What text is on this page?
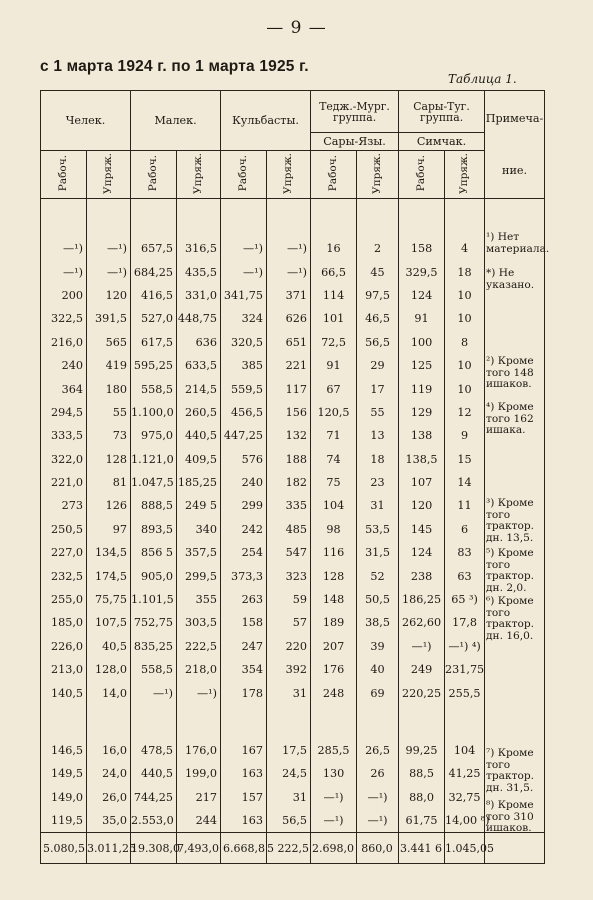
— 9 —
с 1 марта 1924 г. по 1 марта 1925 г.
Таблица 1.
Челек.		Малек.		Кульбасты.		Тедж.-Мург. группа.		Сары-Туг. группа.		Примеча-

ние.
						Сары-Язы.		Симчак.		
Рабоч.	Упряж.	Рабоч.	Упряж.	Рабоч.	Упряж.	Рабоч.	Упряж.	Рабоч.	Упряж.	

—¹)	—¹)	657,5	316,5	—¹)	—¹)	16	2	158	4	
—¹)	—¹)	684,25	435,5	—¹)	—¹)	66,5	45	329,5	18	
200	120	416,5	331,0	341,75	371	114	97,5	124	10	
322,5	391,5	527,0	448,75	324	626	101	46,5	91	10	
216,0	565	617,5	636	320,5	651	72,5	56,5	100	8	
240	419	595,25	633,5	385	221	91	29	125	10	
364	180	558,5	214,5	559,5	117	67	17	119	10	
294,5	55	1.100,0	260,5	456,5	156	120,5	55	129	12	
333,5	73	975,0	440,5	447,25	132	71	13	138	9	
322,0	128	1.121,0	409,5	576	188	74	18	138,5	15	
221,0	81	1.047,5	185,25	240	182	75	23	107	14	
273	126	888,5	249 5	299	335	104	31	120	11	
250,5	97	893,5	340	242	485	98	53,5	145	6	
227,0	134,5	856 5	357,5	254	547	116	31,5	124	83	
232,5	174,5	905,0	299,5	373,3	323	128	52	238	63	
255,0	75,75	1.101,5	355	263	59	148	50,5	186,25	65 ³)	
185,0	107,5	752,75	303,5	158	57	189	38,5	262,60	17,8	
226,0	40,5	835,25	222,5	247	220	207	39	—¹)	—¹) ⁴)	
213,0	128,0	558,5	218,0	354	392	176	40	249	231,75	
140,5	14,0	—¹)	—¹)	178	31	248	69	220,25	255,5	

146,5	16,0	478,5	176,0	167	17,5	285,5	26,5	99,25	104	
149,5	24,0	440,5	199,0	163	24,5	130	26	88,5	41,25	
149,0	26,0	744,25	217	157	31	—¹)	—¹)	88,0	32,75	
119,5	35,0	2.553,0	244	163	56,5	—¹)	—¹)	61,75	14,00 ⁸)	
5.080,5	3.011,25	19.308,0	7,493,0	6.668,8	5 222,5	2.698,0	860,0	3.441 6	1.045,05	
¹) Нет материала.
*) Не указано.
²) Кроме того 148 ишаков.
⁴) Кроме того 162 ишака.
³) Кроме того трактор. дн. 13,5.
⁵) Кроме того трактор. дн. 2,0.
⁶) Кроме того трактор. дн. 16,0.
⁷) Кроме того трактор. дн. 31,5.
⁸) Кроме того 310 ишаков.
